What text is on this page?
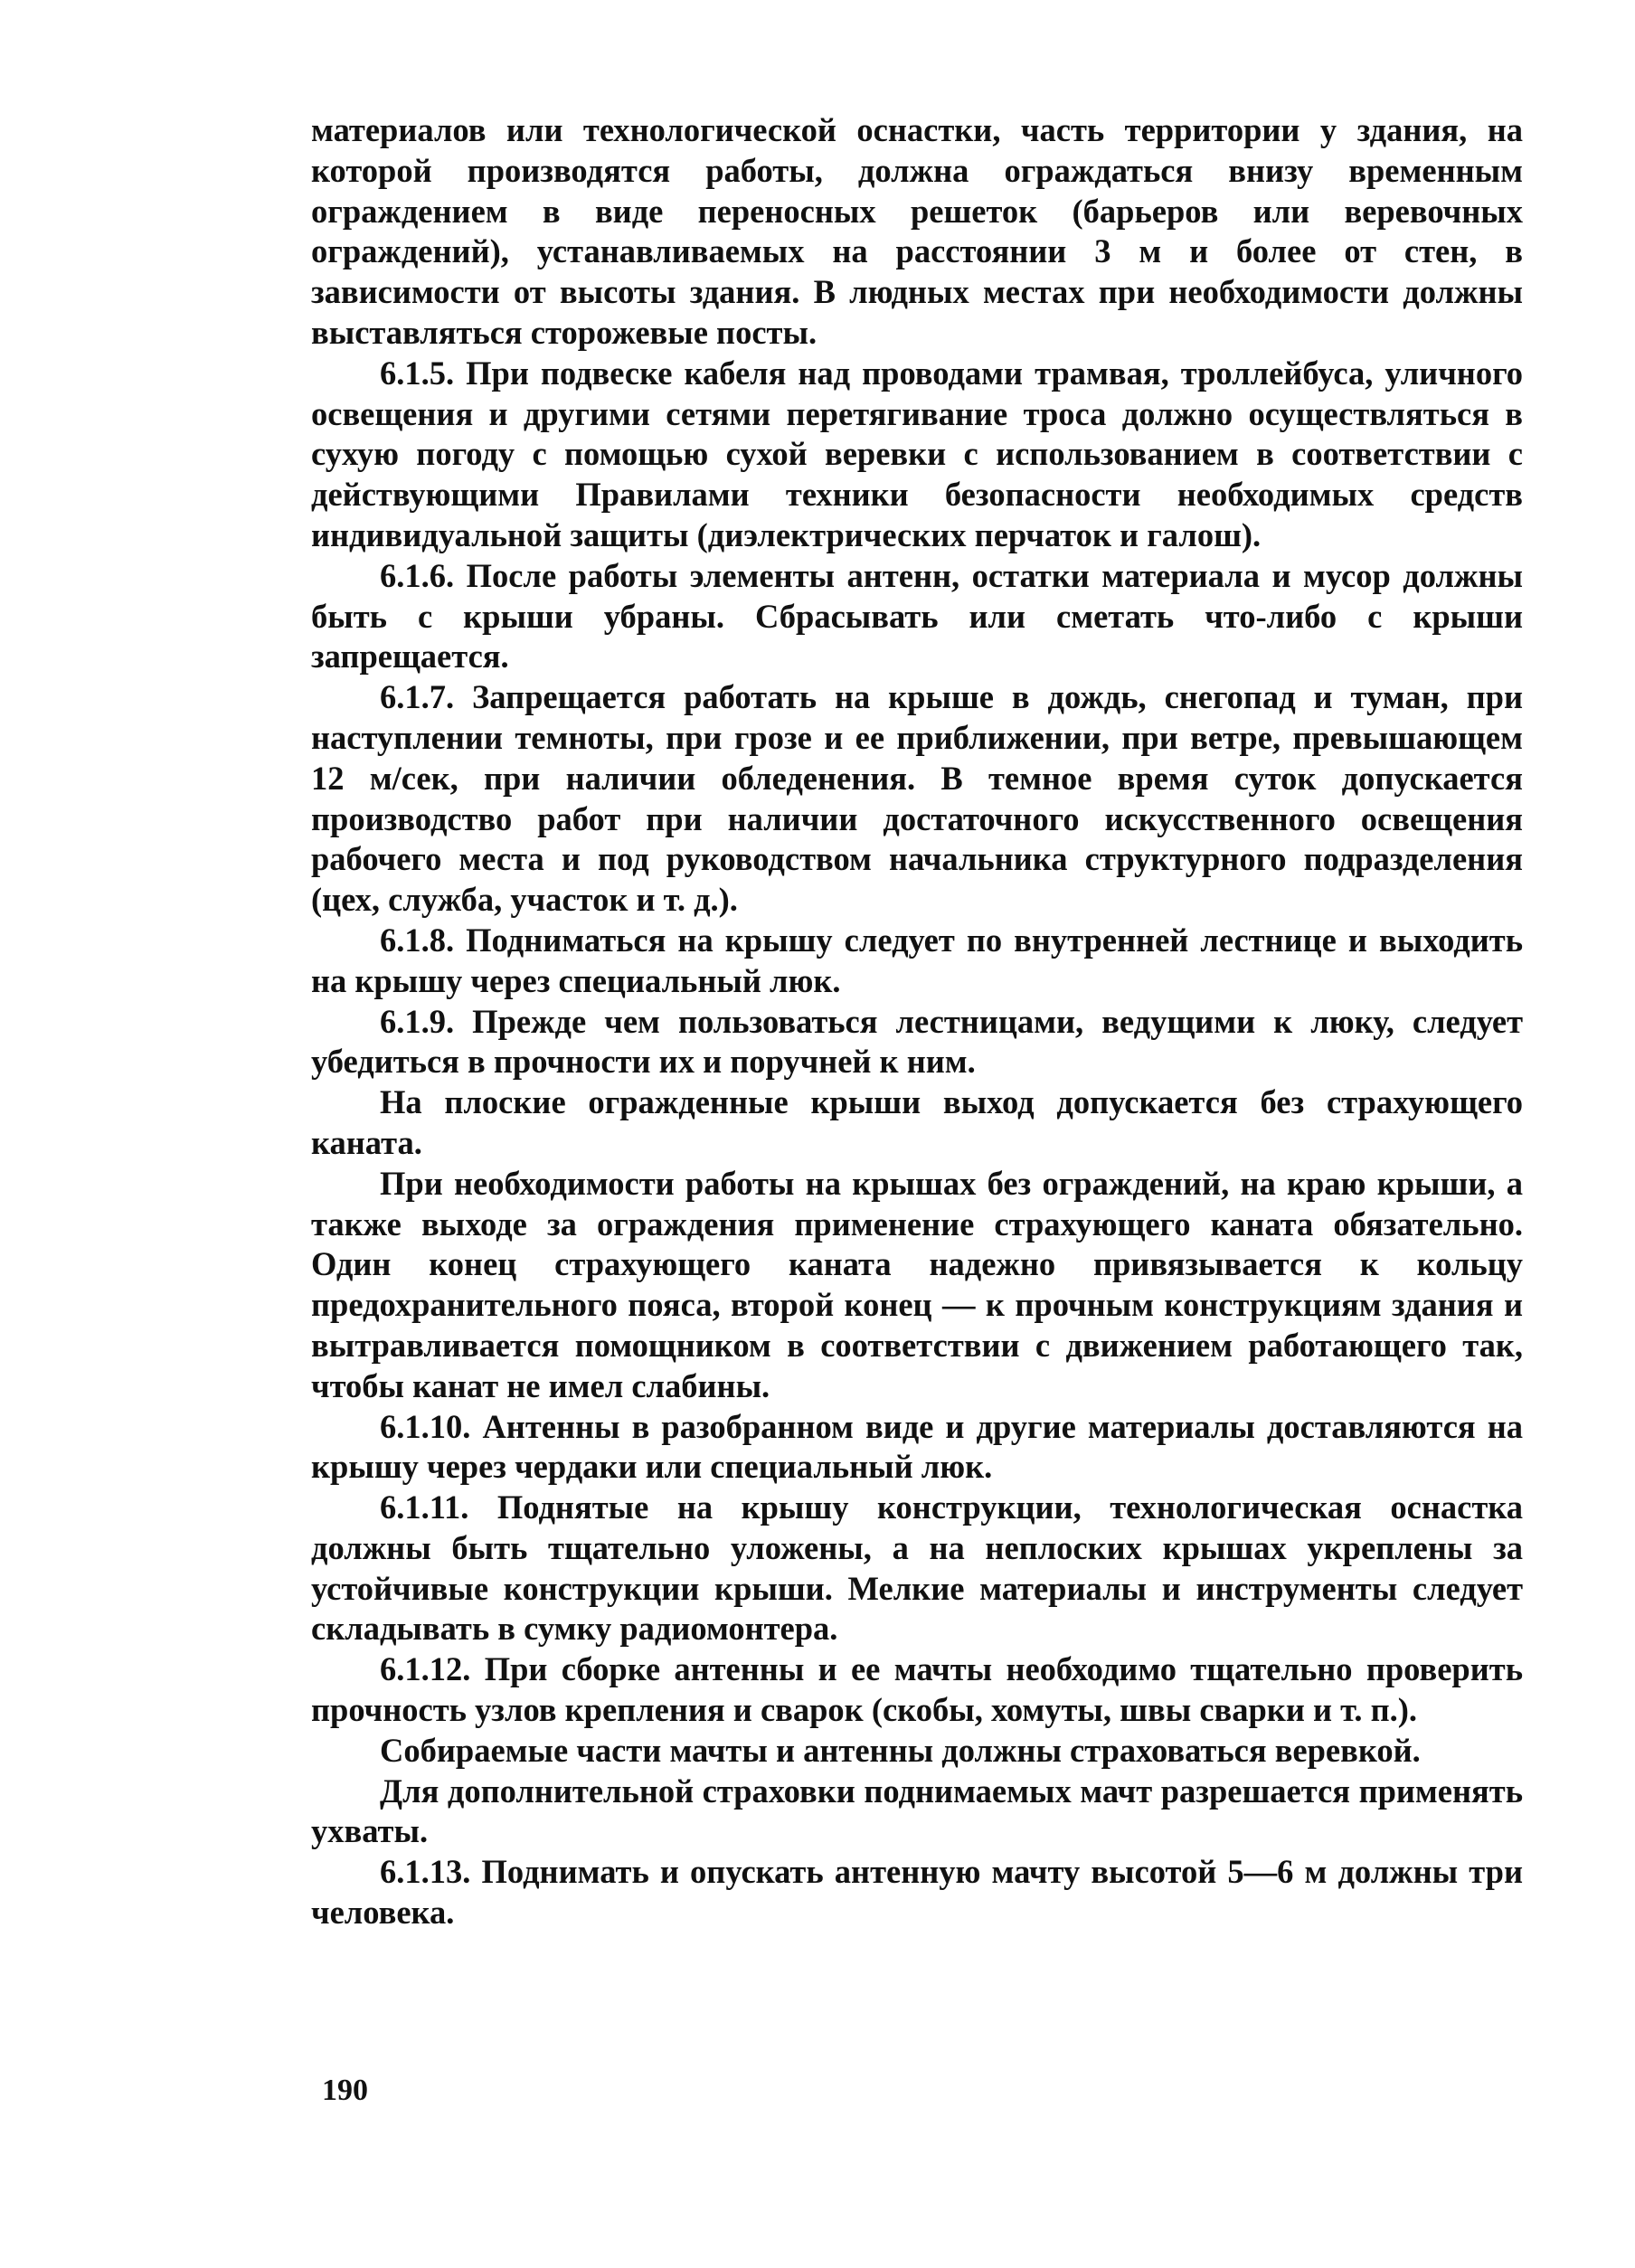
материалов или технологической оснастки, часть территории у здания, на которой производятся работы, должна ограждаться внизу временным ограждением в виде переносных решеток (барьеров или веревочных ограждений), устанавливаемых на расстоянии 3 м и более от стен, в зависимости от высоты здания. В людных местах при необходимости должны выставляться сторожевые посты.

6.1.5. При подвеске кабеля над проводами трамвая, троллейбуса, уличного освещения и другими сетями перетягивание троса должно осуществляться в сухую погоду с помощью сухой веревки с использованием в соответствии с действующими Правилами техники безопасности необходимых средств индивидуальной защиты (диэлектрических перчаток и галош).

6.1.6. После работы элементы антенн, остатки материала и мусор должны быть с крыши убраны. Сбрасывать или сметать что-либо с крыши запрещается.

6.1.7. Запрещается работать на крыше в дождь, снегопад и туман, при наступлении темноты, при грозе и ее приближении, при ветре, превышающем 12 м/сек, при наличии обледенения. В темное время суток допускается производство работ при наличии достаточного искусственного освещения рабочего места и под руководством начальника структурного подразделения (цех, служба, участок и т. д.).

6.1.8. Подниматься на крышу следует по внутренней лестнице и выходить на крышу через специальный люк.

6.1.9. Прежде чем пользоваться лестницами, ведущими к люку, следует убедиться в прочности их и поручней к ним.

На плоские огражденные крыши выход допускается без страхующего каната.

При необходимости работы на крышах без ограждений, на краю крыши, а также выходе за ограждения применение страхующего каната обязательно. Один конец страхующего каната надежно привязывается к кольцу предохранительного пояса, второй конец — к прочным конструкциям здания и вытравливается помощником в соответствии с движением работающего так, чтобы канат не имел слабины.

6.1.10. Антенны в разобранном виде и другие материалы доставляются на крышу через чердаки или специальный люк.

6.1.11. Поднятые на крышу конструкции, технологическая оснастка должны быть тщательно уложены, а на неплоских крышах укреплены за устойчивые конструкции крыши. Мелкие материалы и инструменты следует складывать в сумку радиомонтера.

6.1.12. При сборке антенны и ее мачты необходимо тщательно проверить прочность узлов крепления и сварок (скобы, хомуты, швы сварки и т. п.).

Собираемые части мачты и антенны должны страховаться веревкой.

Для дополнительной страховки поднимаемых мачт разрешается применять ухваты.

6.1.13. Поднимать и опускать антенную мачту высотой 5—6 м должны три человека.

190
